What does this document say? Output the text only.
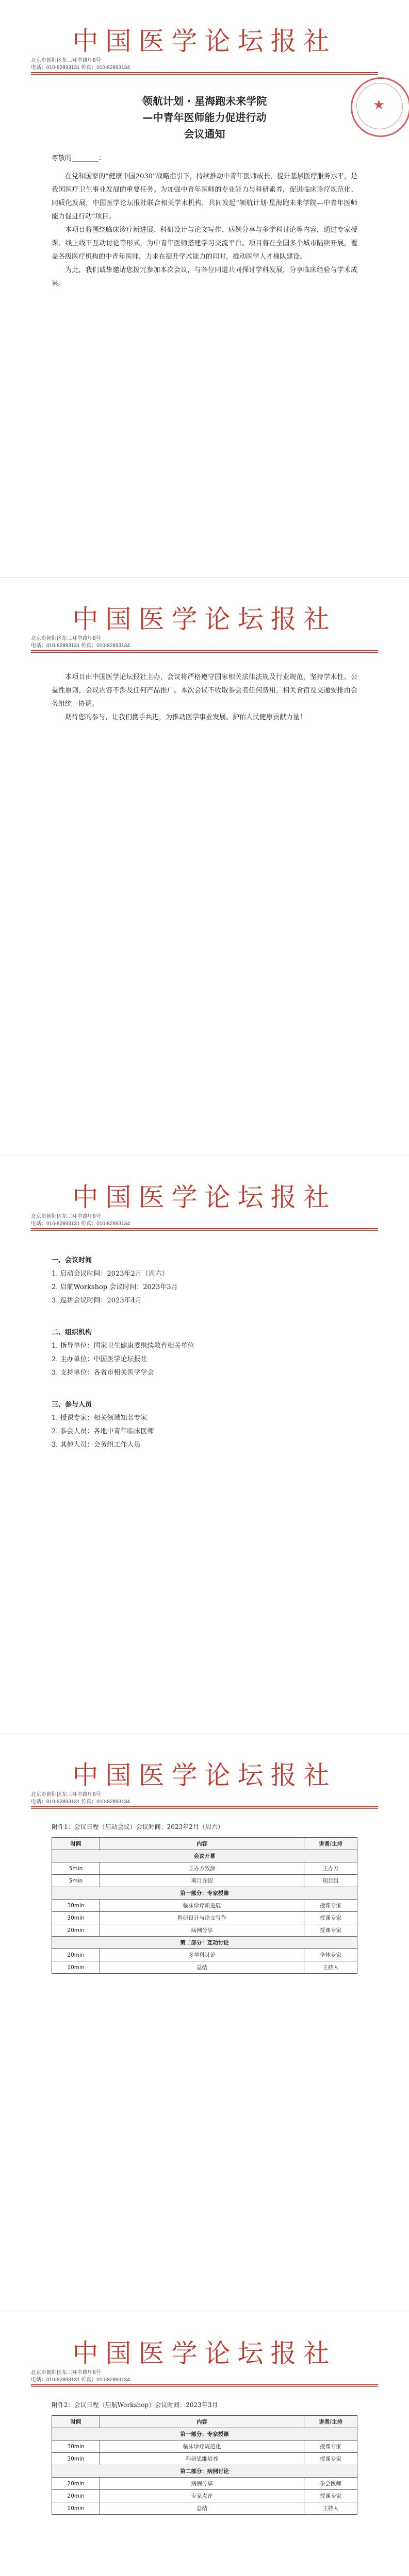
中国医学论坛报社
北京市朝阳区东三环中路甲8号
电话：010-82893131 传真：010-82893134
领航计划 · 星海跑未来学院
—中青年医师能力促进行动
会议通知
尊敬的________：

在党和国家的“健康中国2030”战略指引下，持续推动中青年医师成长，提升基层医疗服务水平，是我国医疗卫生事业发展的重要任务。为加强中青年医师的专业能力与科研素养，促进临床诊疗规范化、同质化发展，中国医学论坛报社联合相关学术机构，共同发起“领航计划·星海跑未来学院—中青年医师能力促进行动”项目。

本项目将围绕临床诊疗新进展、科研设计与论文写作、病例分享与多学科讨论等内容，通过专家授课、线上线下互动讨论等形式，为中青年医师搭建学习交流平台。项目将在全国多个城市陆续开展，覆盖各级医疗机构的中青年医师，力求在提升学术能力的同时，推动医学人才梯队建设。

为此，我们诚挚邀请您拨冗参加本次会议，与各位同道共同探讨学科发展，分享临床经验与学术成果。

★
中国医学论坛报社
北京市朝阳区东三环中路甲8号
电话：010-82893131 传真：010-82893134

本项目由中国医学论坛报社主办，会议将严格遵守国家相关法律法规及行业规范，坚持学术性、公益性原则，会议内容不涉及任何产品推广。本次会议不收取参会者任何费用，相关食宿及交通安排由会务组统一协调。

期待您的参与，让我们携手共进，为推动医学事业发展、护佑人民健康贡献力量！

中国医学论坛报社
北京市朝阳区东三环中路甲8号
电话：010-82893131 传真：010-82893134

一、会议时间

1. 启动会议时间：2023年2月（周六）

2. 启航Workshop 会议时间：2023年3月

3. 巡讲会议时间：2023年4月

二、组织机构

1. 指导单位：国家卫生健康委继续教育相关单位

2. 主办单位：中国医学论坛报社

3. 支持单位：各省市相关医学学会

三、参与人员

1. 授课专家：相关领域知名专家

2. 参会人员：各地中青年临床医师

3. 其他人员：会务组工作人员

中国医学论坛报社
北京市朝阳区东三环中路甲8号
电话：010-82893131 传真：010-82893134
附件1：会议日程（启动会议）会议时间：2023年2月（周六）
时间	内容	讲者/主持
会议开幕		
5min	主办方致辞	主办方
5min	项目介绍	项目组
第一部分：专家授课		
30min	临床诊疗新进展	授课专家
30min	科研设计与论文写作	授课专家
20min	病例分享	授课专家
第二部分：互动讨论		
20min	多学科讨论	全体专家
10min	总结	主持人
中国医学论坛报社
北京市朝阳区东三环中路甲8号
电话：010-82893131 传真：010-82893134
附件2：会议日程（启航Workshop）会议时间：2023年3月
时间	内容	讲者/主持
第一部分：专家授课		
30min	临床诊疗规范化	授课专家
30min	科研思维培养	授课专家
第二部分：病例讨论		
20min	病例分享	参会医师
20min	专家点评	授课专家
10min	总结	主持人
